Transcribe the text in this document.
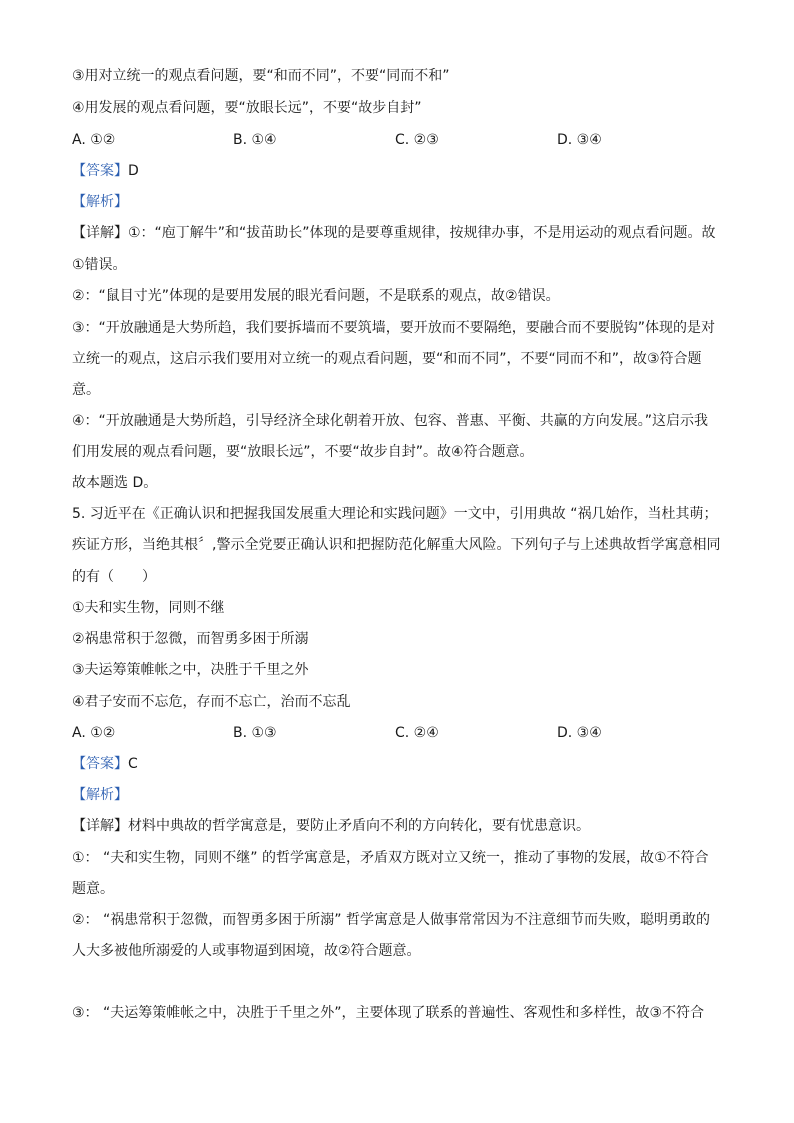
③用对立统一的观点看问题，要“和而不同”，不要“同而不和”
④用发展的观点看问题，要“放眼长远”，不要“故步自封”
A. ①②	B. ①④	C. ②③	D. ③④
【答案】D
【解析】
【详解】①：“庖丁解牛”和“拔苗助长”体现的是要尊重规律，按规律办事，不是用运动的观点看问题。故
①错误。
②：“鼠目寸光”体现的是要用发展的眼光看问题，不是联系的观点，故②错误。
③：“开放融通是大势所趋，我们要拆墙而不要筑墙，要开放而不要隔绝，要融合而不要脱钩”体现的是对
立统一的观点，这启示我们要用对立统一的观点看问题，要“和而不同”，不要“同而不和”，故③符合题
意。
④：“开放融通是大势所趋，引导经济全球化朝着开放、包容、普惠、平衡、共赢的方向发展。”这启示我
们用发展的观点看问题，要“放眼长远”，不要“故步自封”。故④符合题意。
故本题选 D。
5. 习近平在《正确认识和把握我国发展重大理论和实践问题》一文中，引用典故 “祸几始作，当杜其萌；
疾证方形，当绝其根〞,警示全党要正确认识和把握防范化解重大风险。下列句子与上述典故哲学寓意相同
的有（　　）
①夫和实生物，同则不继
②祸患常积于忽微，而智勇多困于所溺
③夫运筹策帷帐之中，决胜于千里之外
④君子安而不忘危，存而不忘亡，治而不忘乱
A. ①②	B. ①③	C. ②④	D. ③④
【答案】C
【解析】
【详解】材料中典故的哲学寓意是，要防止矛盾向不利的方向转化，要有忧患意识。
①： “夫和实生物，同则不继” 的哲学寓意是，矛盾双方既对立又统一，推动了事物的发展，故①不符合
题意。
②： “祸患常积于忽微，而智勇多困于所溺” 哲学寓意是人做事常常因为不注意细节而失败，聪明勇敢的
人大多被他所溺爱的人或事物逼到困境，故②符合题意。
③： “夫运筹策帷帐之中，决胜于千里之外”，主要体现了联系的普遍性、客观性和多样性，故③不符合
